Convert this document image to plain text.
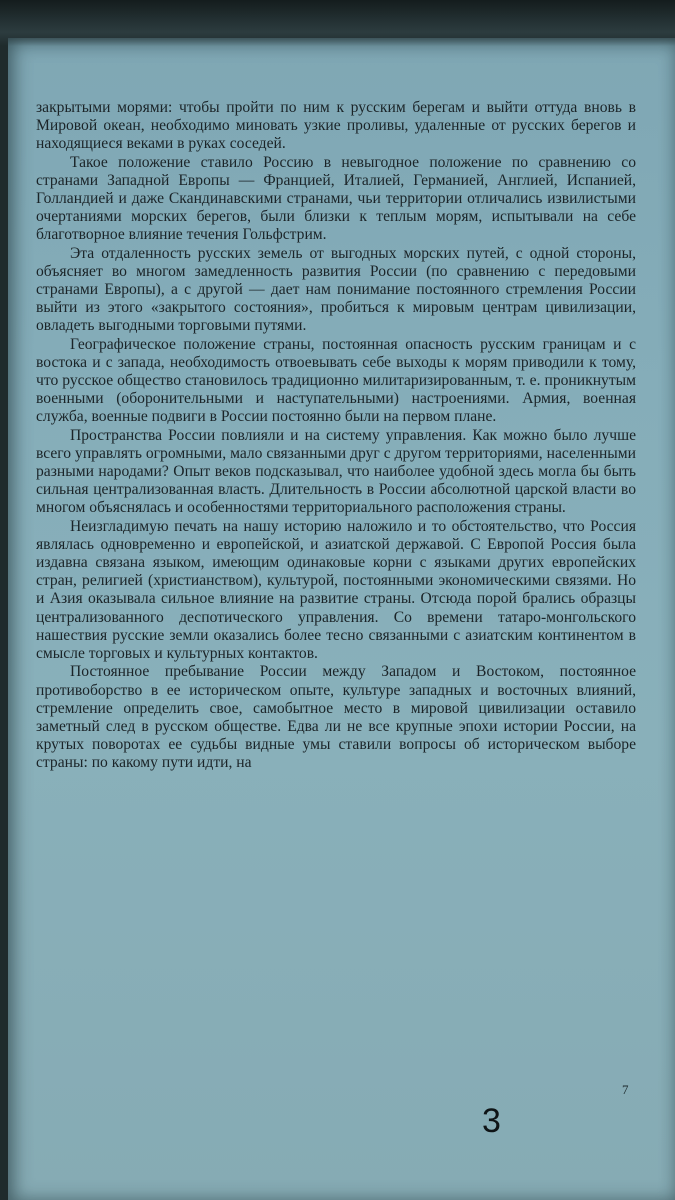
закрытыми морями: чтобы пройти по ним к русским берегам и выйти оттуда вновь в Мировой океан, необходимо миновать узкие проливы, удаленные от русских берегов и находящиеся веками в руках соседей.

Такое положение ставило Россию в невыгодное положение по сравнению со странами Западной Европы — Францией, Италией, Германией, Англией, Испанией, Голландией и даже Скандинавскими странами, чьи территории отличались извилистыми очертаниями морских берегов, были близки к теплым морям, испытывали на себе благотворное влияние течения Гольфстрим.

Эта отдаленность русских земель от выгодных морских путей, с одной стороны, объясняет во многом замедленность развития России (по сравнению с передовыми странами Европы), а с другой — дает нам понимание постоянного стремления России выйти из этого «закрытого состояния», пробиться к мировым центрам цивилизации, овладеть выгодными торговыми путями.

Географическое положение страны, постоянная опасность русским границам и с востока и с запада, необходимость отвоевывать себе выходы к морям приводили к тому, что русское общество становилось традиционно милитаризированным, т. е. проникнутым военными (оборонительными и наступательными) настроениями. Армия, военная служба, военные подвиги в России постоянно были на первом плане.

Пространства России повлияли и на систему управления. Как можно было лучше всего управлять огромными, мало связанными друг с другом территориями, населенными разными народами? Опыт веков подсказывал, что наиболее удобной здесь могла бы быть сильная централизованная власть. Длительность в России абсолютной царской власти во многом объяснялась и особенностями территориального расположения страны.

Неизгладимую печать на нашу историю наложило и то обстоятельство, что Россия являлась одновременно и европейской, и азиатской державой. С Европой Россия была издавна связана языком, имеющим одинаковые корни с языками других европейских стран, религией (христианством), культурой, постоянными экономическими связями. Но и Азия оказывала сильное влияние на развитие страны. Отсюда порой брались образцы централизованного деспотического управления. Со времени татаро-монгольского нашествия русские земли оказались более тесно связанными с азиатским континентом в смысле торговых и культурных контактов.

Постоянное пребывание России между Западом и Востоком, постоянное противоборство в ее историческом опыте, культуре западных и восточных влияний, стремление определить свое, самобытное место в мировой цивилизации оставило заметный след в русском обществе. Едва ли не все крупные эпохи истории России, на крутых поворотах ее судьбы видные умы ставили вопросы об историческом выборе страны: по какому пути идти, на

7
3
